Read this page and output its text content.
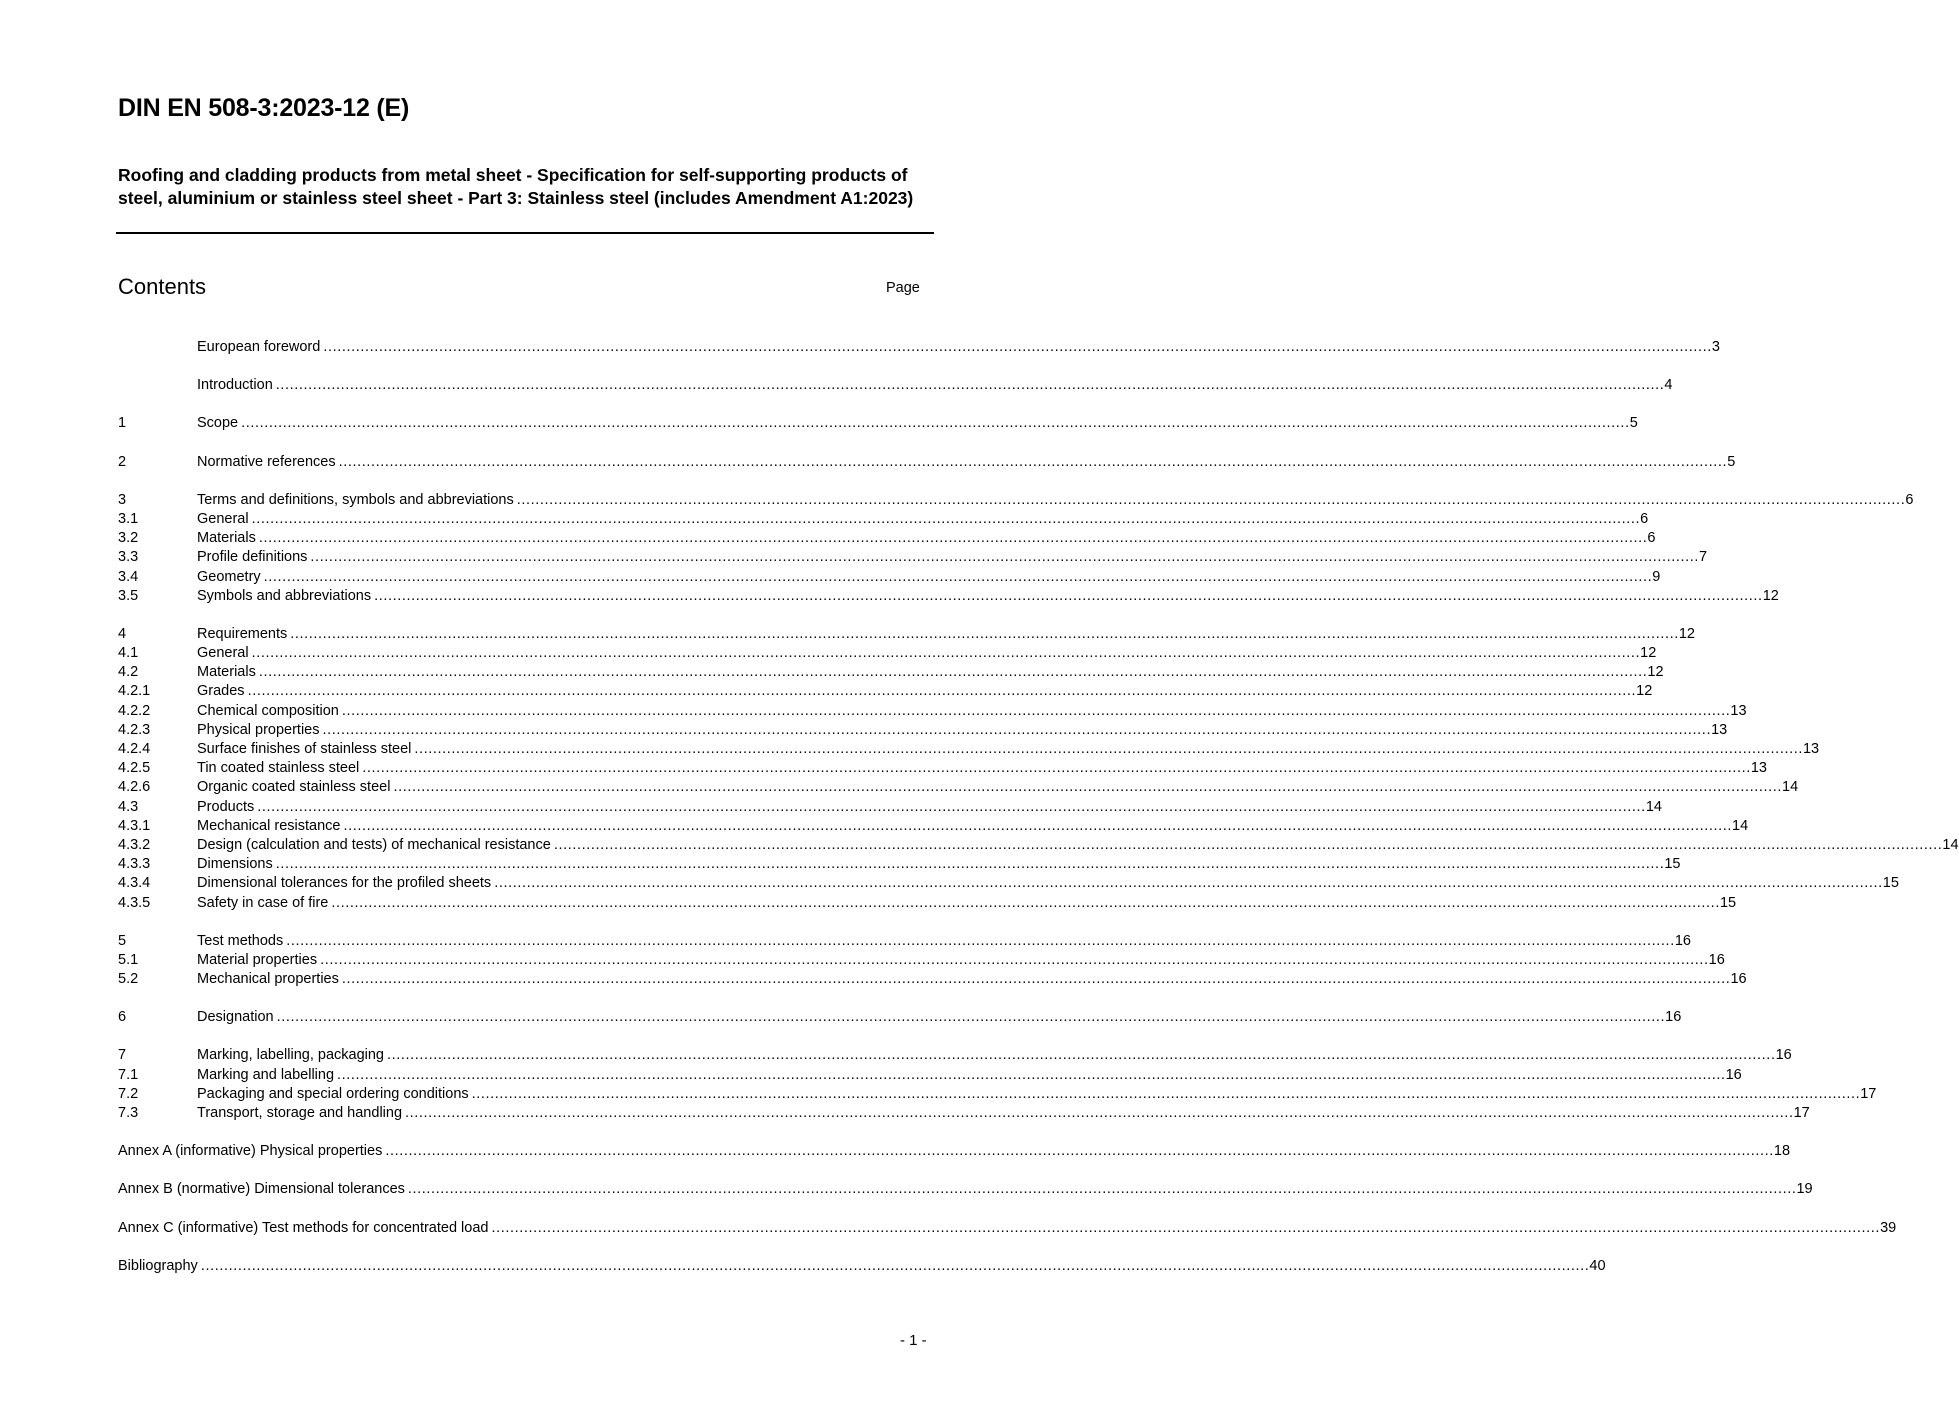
DIN EN 508-3:2023-12 (E)
Roofing and cladding products from metal sheet - Specification for self-supporting products of steel, aluminium or stainless steel sheet - Part 3: Stainless steel (includes Amendment A1:2023)
Contents	Page
European foreword ............................................................................................................................................................................................................................................................................................................ 3
Introduction ............................................................................................................................................................................................................................................................................................................ 4
1	Scope ............................................................................................................................................................................................................................................................................................................ 5
2	Normative references ............................................................................................................................................................................................................................................................................................................ 5
3	Terms and definitions, symbols and abbreviations ............................................................................................................................................................................................................................................................................................................ 6
3.1	General ............................................................................................................................................................................................................................................................................................................ 6
3.2	Materials ............................................................................................................................................................................................................................................................................................................ 6
3.3	Profile definitions ............................................................................................................................................................................................................................................................................................................ 7
3.4	Geometry ............................................................................................................................................................................................................................................................................................................ 9
3.5	Symbols and abbreviations ............................................................................................................................................................................................................................................................................................................ 12
4	Requirements ............................................................................................................................................................................................................................................................................................................ 12
4.1	General ............................................................................................................................................................................................................................................................................................................ 12
4.2	Materials ............................................................................................................................................................................................................................................................................................................ 12
4.2.1	Grades ............................................................................................................................................................................................................................................................................................................ 12
4.2.2	Chemical composition ............................................................................................................................................................................................................................................................................................................ 13
4.2.3	Physical properties ............................................................................................................................................................................................................................................................................................................ 13
4.2.4	Surface finishes of stainless steel ............................................................................................................................................................................................................................................................................................................ 13
4.2.5	Tin coated stainless steel ............................................................................................................................................................................................................................................................................................................ 13
4.2.6	Organic coated stainless steel ............................................................................................................................................................................................................................................................................................................ 14
4.3	Products ............................................................................................................................................................................................................................................................................................................ 14
4.3.1	Mechanical resistance ............................................................................................................................................................................................................................................................................................................ 14
4.3.2	Design (calculation and tests) of mechanical resistance ............................................................................................................................................................................................................................................................................................................ 14
4.3.3	Dimensions ............................................................................................................................................................................................................................................................................................................ 15
4.3.4	Dimensional tolerances for the profiled sheets ............................................................................................................................................................................................................................................................................................................ 15
4.3.5	Safety in case of fire ............................................................................................................................................................................................................................................................................................................ 15
5	Test methods ............................................................................................................................................................................................................................................................................................................ 16
5.1	Material properties ............................................................................................................................................................................................................................................................................................................ 16
5.2	Mechanical properties ............................................................................................................................................................................................................................................................................................................ 16
6	Designation ............................................................................................................................................................................................................................................................................................................ 16
7	Marking, labelling, packaging ............................................................................................................................................................................................................................................................................................................ 16
7.1	Marking and labelling ............................................................................................................................................................................................................................................................................................................ 16
7.2	Packaging and special ordering conditions ............................................................................................................................................................................................................................................................................................................ 17
7.3	Transport, storage and handling ............................................................................................................................................................................................................................................................................................................ 17
Annex A (informative) Physical properties ............................................................................................................................................................................................................................................................................................................ 18
Annex B (normative) Dimensional tolerances ............................................................................................................................................................................................................................................................................................................ 19
Annex C (informative) Test methods for concentrated load ............................................................................................................................................................................................................................................................................................................ 39
Bibliography ............................................................................................................................................................................................................................................................................................................ 40
- 1 -
